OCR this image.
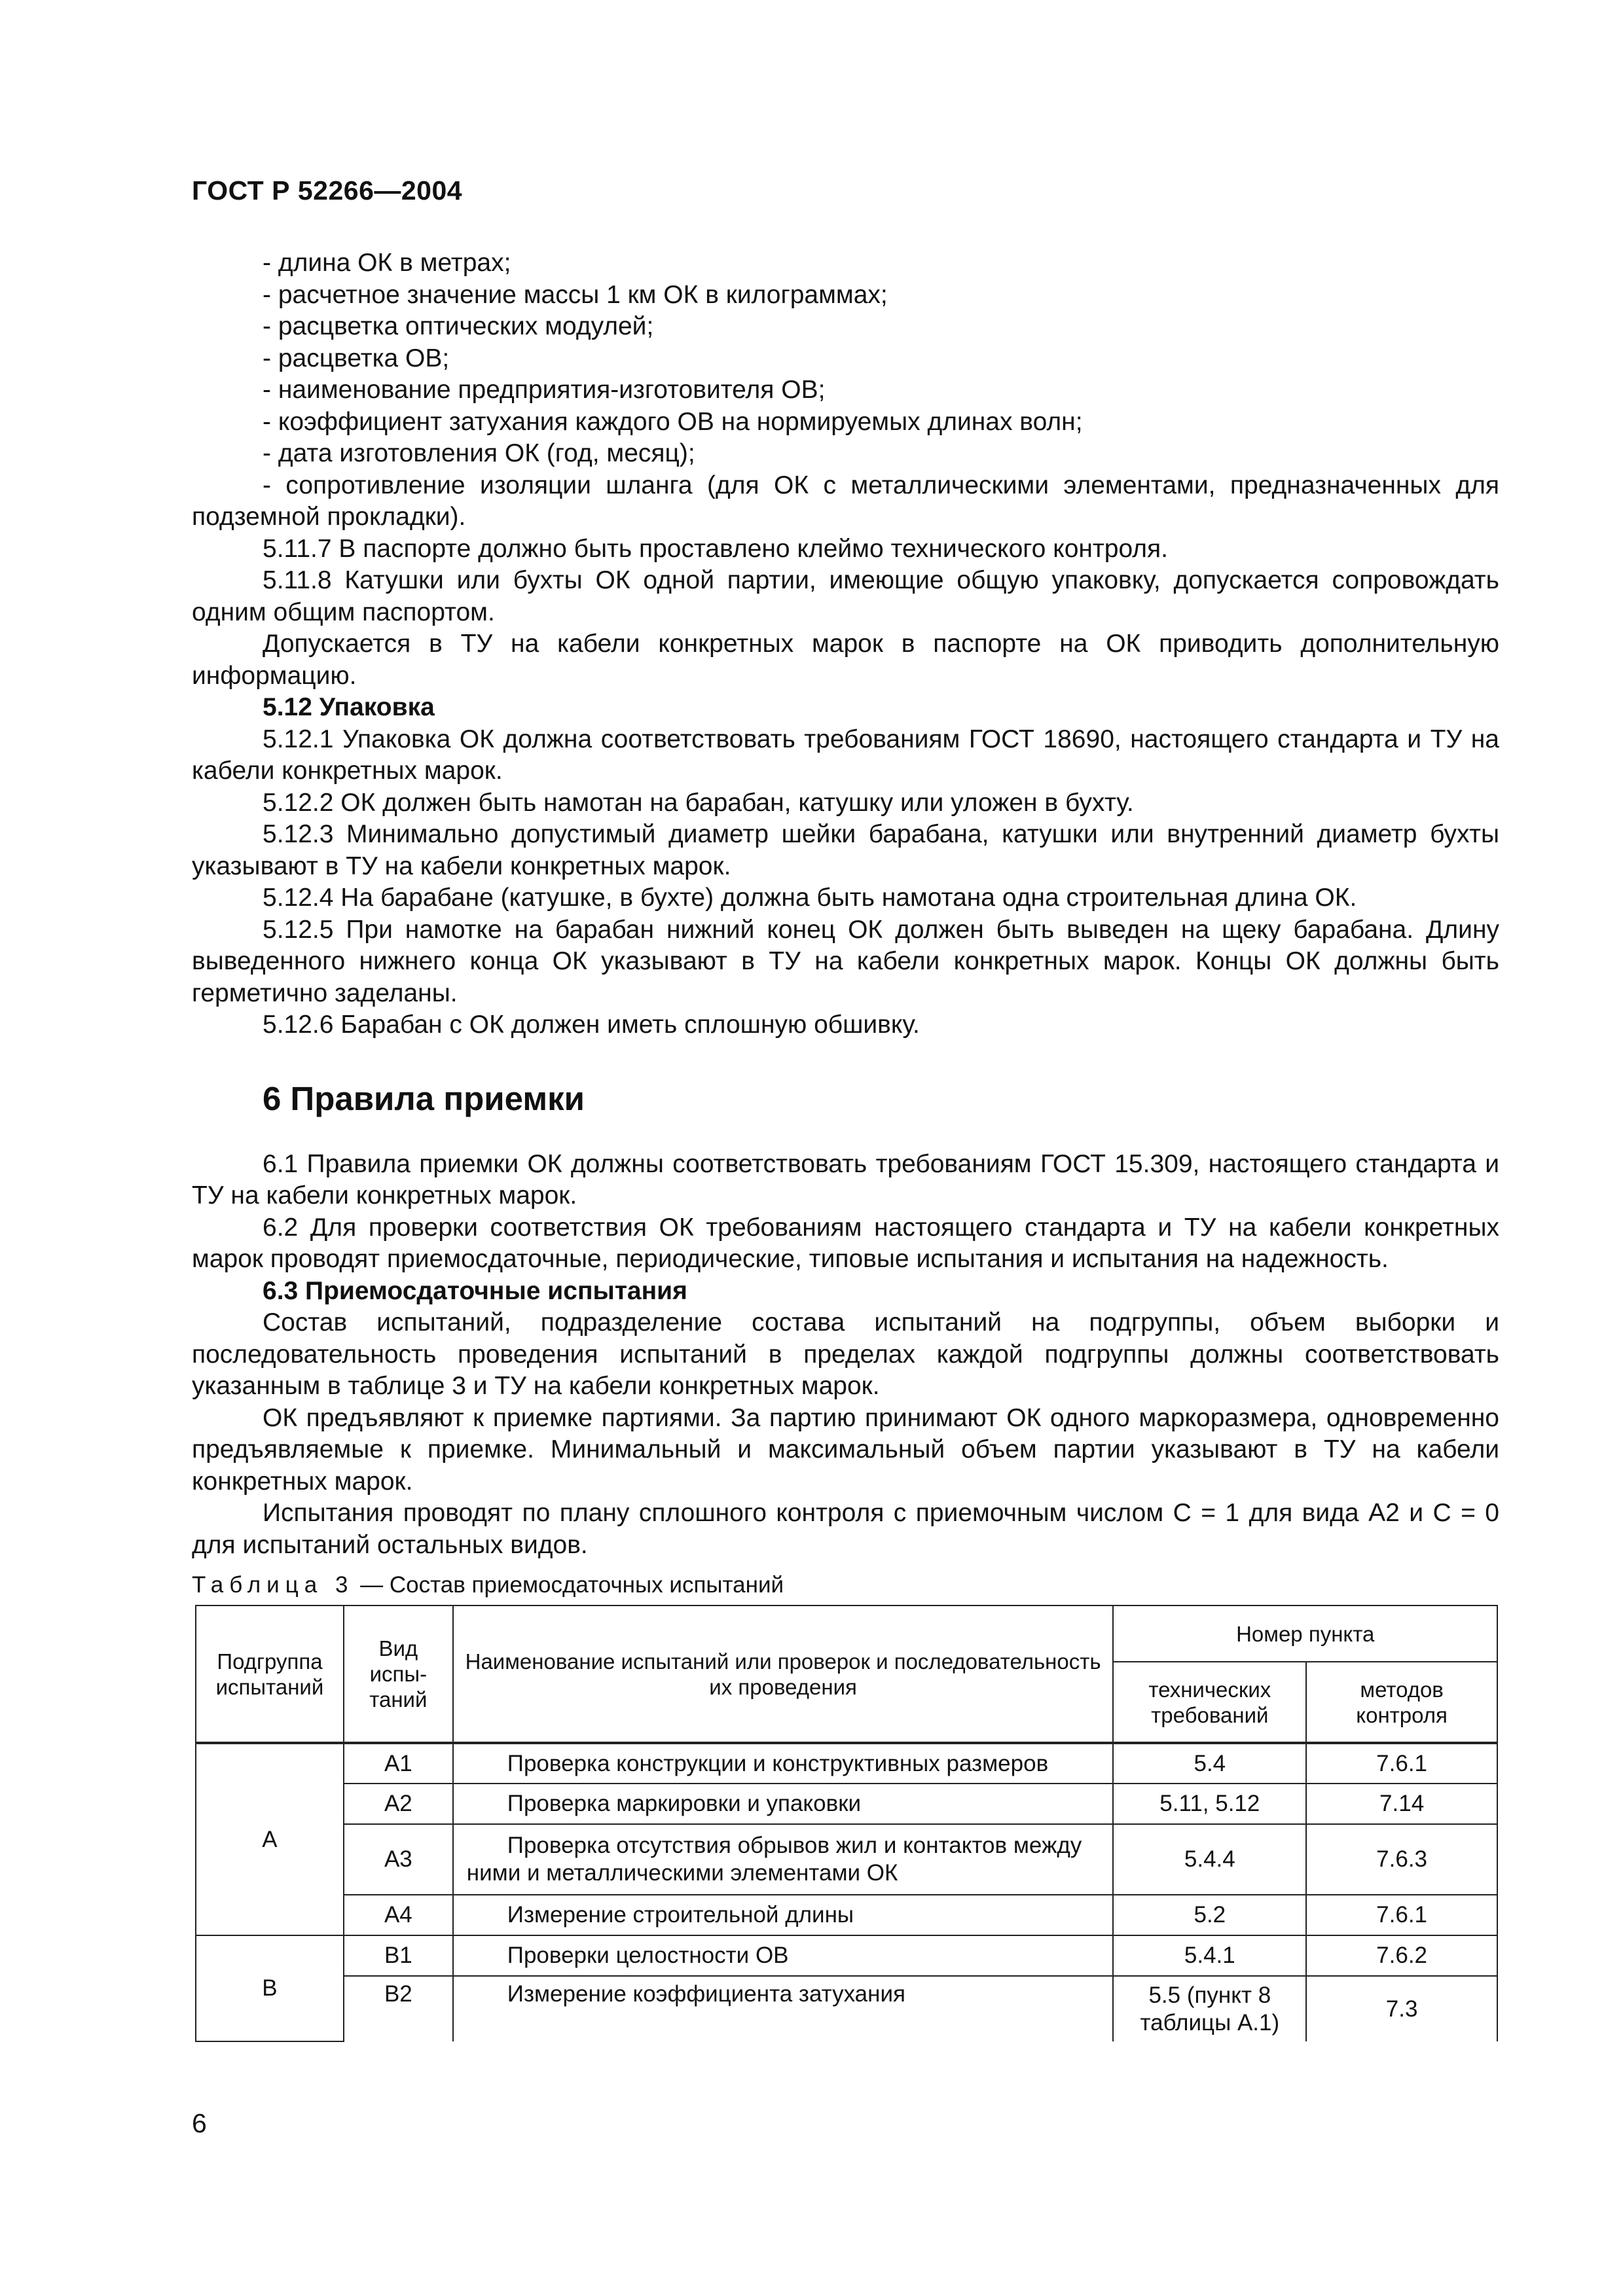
ГОСТ Р 52266—2004

- длина ОК в метрах;

- расчетное значение массы 1 км ОК в килограммах;

- расцветка оптических модулей;

- расцветка ОВ;

- наименование предприятия-изготовителя ОВ;

- коэффициент затухания каждого ОВ на нормируемых длинах волн;

- дата изготовления ОК (год, месяц);

- сопротивление изоляции шланга (для ОК с металлическими элементами, предназначенных для подземной прокладки).

5.11.7 В паспорте должно быть проставлено клеймо технического контроля.

5.11.8 Катушки или бухты ОК одной партии, имеющие общую упаковку, допускается сопровождать одним общим паспортом.

Допускается в ТУ на кабели конкретных марок в паспорте на ОК приводить дополнительную информацию.

5.12 Упаковка

5.12.1 Упаковка ОК должна соответствовать требованиям ГОСТ 18690, настоящего стандарта и ТУ на кабели конкретных марок.

5.12.2 ОК должен быть намотан на барабан, катушку или уложен в бухту.

5.12.3 Минимально допустимый диаметр шейки барабана, катушки или внутренний диаметр бухты указывают в ТУ на кабели конкретных марок.

5.12.4 На барабане (катушке, в бухте) должна быть намотана одна строительная длина ОК.

5.12.5 При намотке на барабан нижний конец ОК должен быть выведен на щеку барабана. Длину выведенного нижнего конца ОК указывают в ТУ на кабели конкретных марок. Концы ОК должны быть герметично заделаны.

5.12.6 Барабан с ОК должен иметь сплошную обшивку.

6 Правила приемки

6.1 Правила приемки ОК должны соответствовать требованиям ГОСТ 15.309, настоящего стандарта и ТУ на кабели конкретных марок.

6.2 Для проверки соответствия ОК требованиям настоящего стандарта и ТУ на кабели конкретных марок проводят приемосдаточные, периодические, типовые испытания и испытания на надежность.

6.3 Приемосдаточные испытания

Состав испытаний, подразделение состава испытаний на подгруппы, объем выборки и последовательность проведения испытаний в пределах каждой подгруппы должны соответствовать указанным в таблице 3 и ТУ на кабели конкретных марок.

ОК предъявляют к приемке партиями. За партию принимают ОК одного маркоразмера, одновременно предъявляемые к приемке. Минимальный и максимальный объем партии указывают в ТУ на кабели конкретных марок.

Испытания проводят по плану сплошного контроля с приемочным числом C = 1 для вида А2 и C = 0 для испытаний остальных видов.

Таблица 3 — Состав приемосдаточных испытаний
Подгруппа испытаний	Вид испы- таний	Наименование испытаний или проверок и последовательность их проведения	Номер пункта	
			технических требований	методов контроля
А	А1	Проверка конструкции и конструктивных размеров	5.4	7.6.1
	А2	Проверка маркировки и упаковки	5.11, 5.12	7.14
	А3	Проверка отсутствия обрывов жил и контактов между ними и металлическими элементами ОК	5.4.4	7.6.3
	А4	Измерение строительной длины	5.2	7.6.1
В	В1	Проверки целостности ОВ	5.4.1	7.6.2
	В2	Измерение коэффициента затухания	5.5 (пункт 8 таблицы А.1)	7.3
6
